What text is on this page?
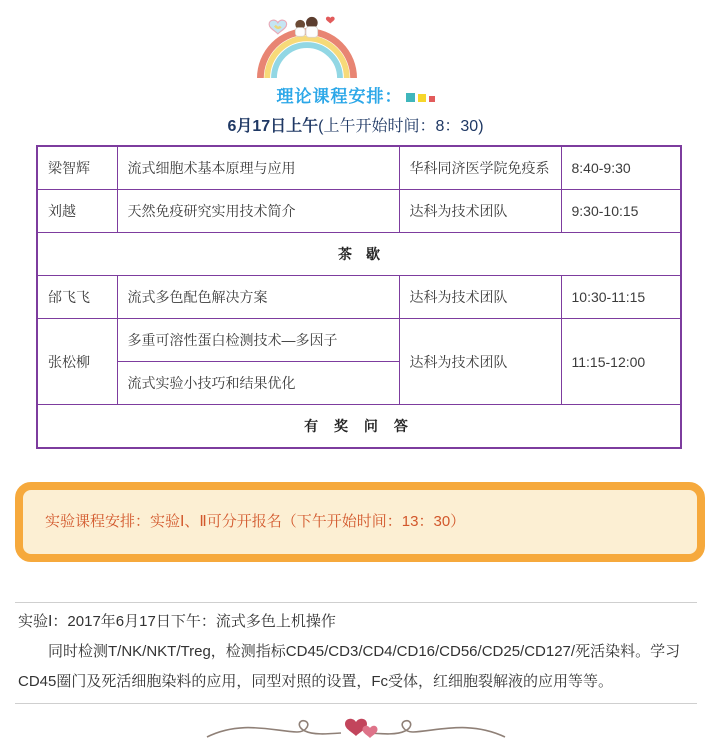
理论课程安排：
6月17日上午(上午开始时间：8：30)
梁智辉	流式细胞术基本原理与应用	华科同济医学院免疫系	8:40-9:30
刘越	天然免疫研究实用技术简介	达科为技术团队	9:30-10:15
茶　歇			
邰飞飞	流式多色配色解决方案	达科为技术团队	10:30-11:15
张松柳	多重可溶性蛋白检测技术—多因子	达科为技术团队	11:15-12:00
	流式实验小技巧和结果优化		
有 奖 问 答			
实验课程安排：实验Ⅰ、Ⅱ可分开报名（下午开始时间：13：30）

实验Ⅰ：2017年6月17日下午：流式多色上机操作

同时检测T/NK/NKT/Treg，检测指标CD45/CD3/CD4/CD16/CD56/CD25/CD127/死活染料。学习CD45圈门及死活细胞染料的应用，同型对照的设置，Fc受体，红细胞裂解液的应用等等。
